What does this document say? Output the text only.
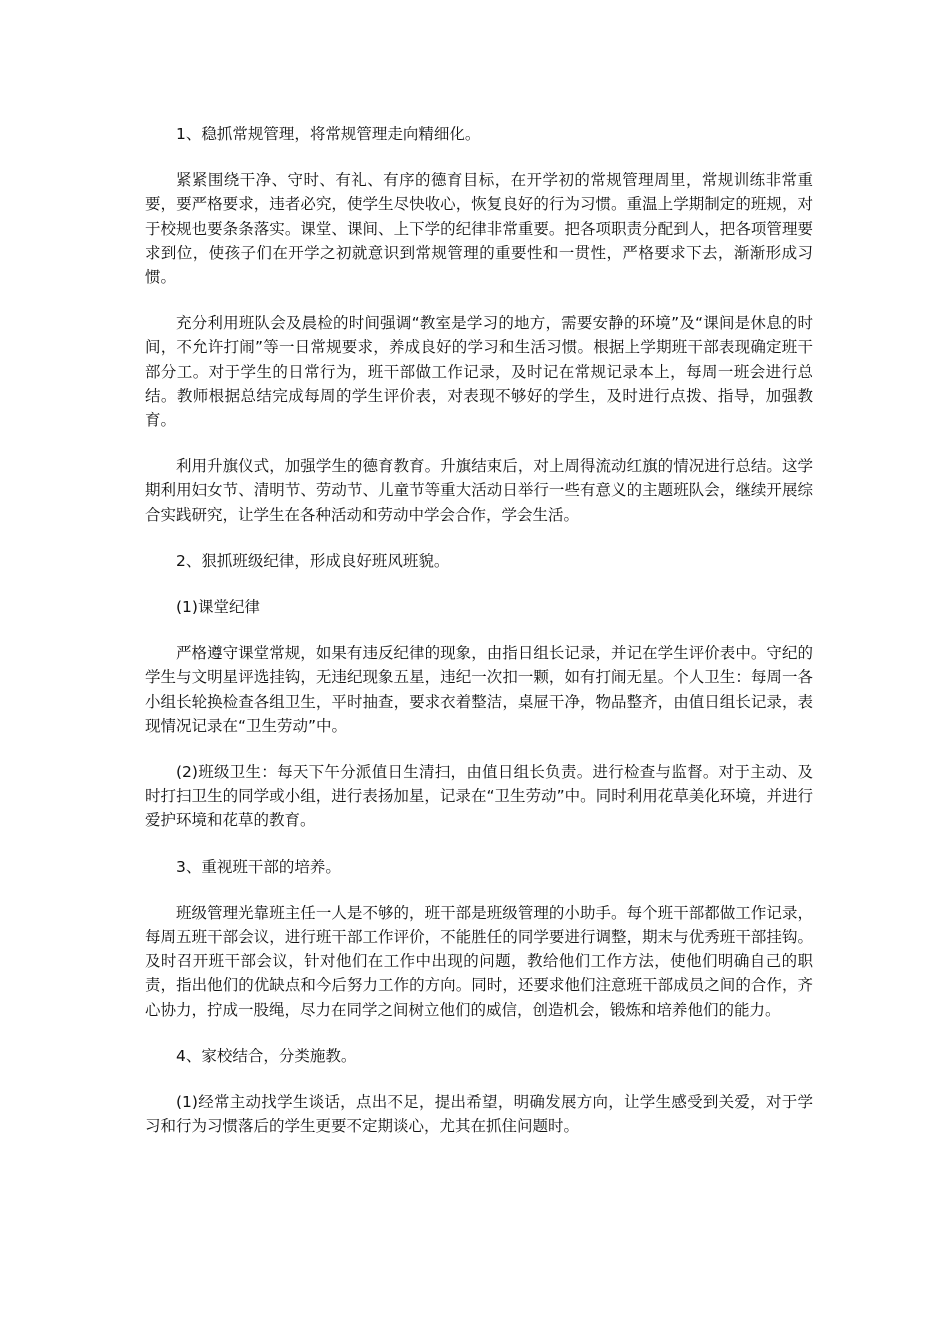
1、稳抓常规管理，将常规管理走向精细化。

紧紧围绕干净、守时、有礼、有序的德育目标，在开学初的常规管理周里，常规训练非常重要，要严格要求，违者必究，使学生尽快收心，恢复良好的行为习惯。重温上学期制定的班规，对于校规也要条条落实。课堂、课间、上下学的纪律非常重要。把各项职责分配到人，把各项管理要求到位，使孩子们在开学之初就意识到常规管理的重要性和一贯性，严格要求下去，渐渐形成习惯。

充分利用班队会及晨检的时间强调“教室是学习的地方，需要安静的环境”及“课间是休息的时间，不允许打闹”等一日常规要求，养成良好的学习和生活习惯。根据上学期班干部表现确定班干部分工。对于学生的日常行为，班干部做工作记录，及时记在常规记录本上，每周一班会进行总结。教师根据总结完成每周的学生评价表，对表现不够好的学生，及时进行点拨、指导，加强教育。

利用升旗仪式，加强学生的德育教育。升旗结束后，对上周得流动红旗的情况进行总结。这学期利用妇女节、清明节、劳动节、儿童节等重大活动日举行一些有意义的主题班队会，继续开展综合实践研究，让学生在各种活动和劳动中学会合作，学会生活。

2、狠抓班级纪律，形成良好班风班貌。

(1)课堂纪律

严格遵守课堂常规，如果有违反纪律的现象，由指日组长记录，并记在学生评价表中。守纪的学生与文明星评选挂钩，无违纪现象五星，违纪一次扣一颗，如有打闹无星。个人卫生：每周一各小组长轮换检查各组卫生，平时抽查，要求衣着整洁，桌屉干净，物品整齐，由值日组长记录，表现情况记录在“卫生劳动”中。

(2)班级卫生：每天下午分派值日生清扫，由值日组长负责。进行检查与监督。对于主动、及时打扫卫生的同学或小组，进行表扬加星，记录在“卫生劳动”中。同时利用花草美化环境，并进行爱护环境和花草的教育。

3、重视班干部的培养。

班级管理光靠班主任一人是不够的，班干部是班级管理的小助手。每个班干部都做工作记录，每周五班干部会议，进行班干部工作评价，不能胜任的同学要进行调整，期末与优秀班干部挂钩。及时召开班干部会议，针对他们在工作中出现的问题，教给他们工作方法，使他们明确自己的职责，指出他们的优缺点和今后努力工作的方向。同时，还要求他们注意班干部成员之间的合作，齐心协力，拧成一股绳，尽力在同学之间树立他们的威信，创造机会，锻炼和培养他们的能力。

4、家校结合，分类施教。

(1)经常主动找学生谈话，点出不足，提出希望，明确发展方向，让学生感受到关爱，对于学习和行为习惯落后的学生更要不定期谈心，尤其在抓住问题时。
